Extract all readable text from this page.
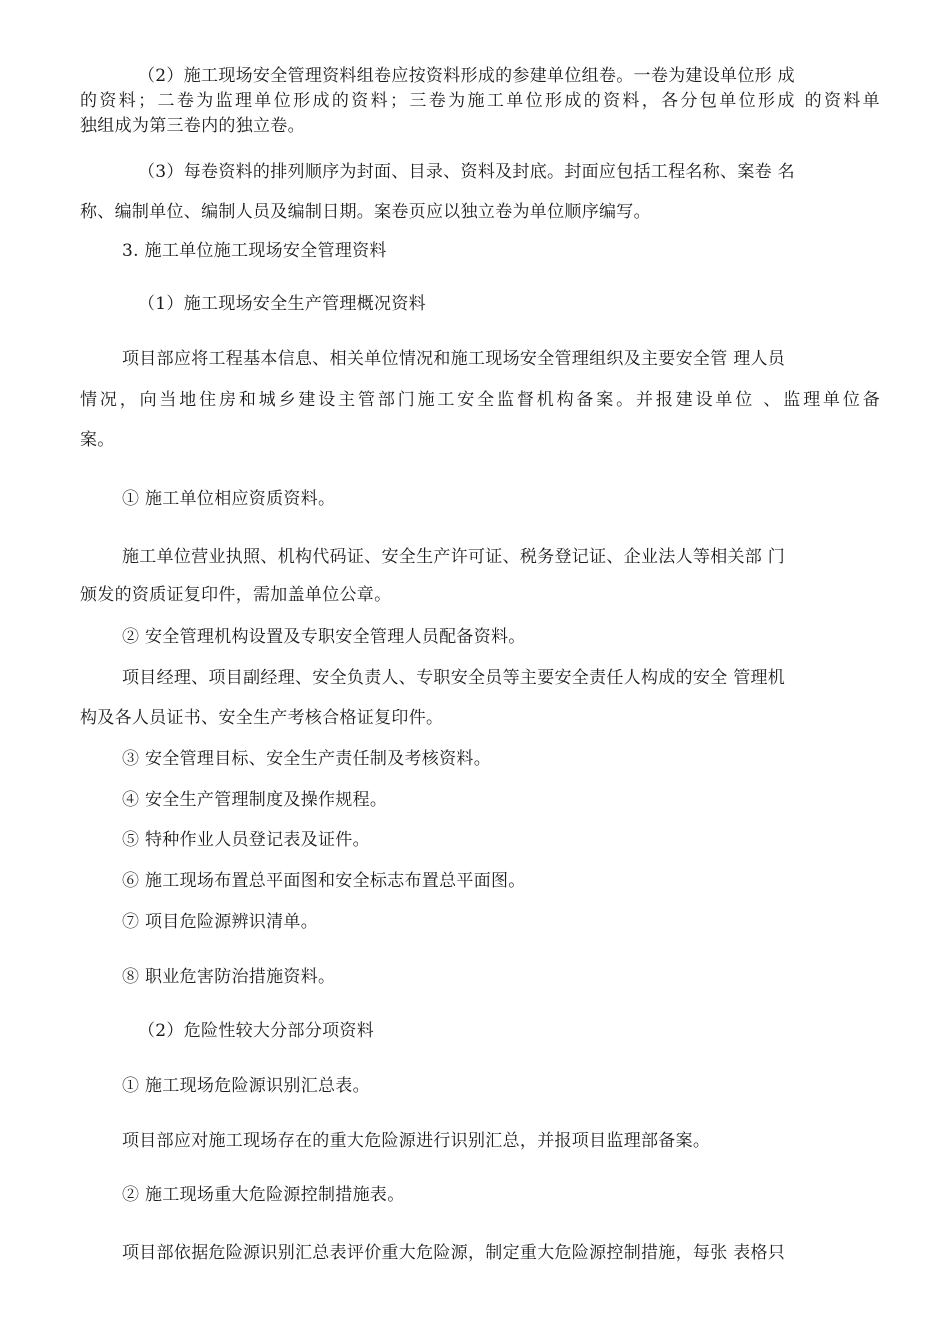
（2）施工现场安全管理资料组卷应按资料形成的参建单位组卷。一卷为建设单位形 成
的资料；二卷为监理单位形成的资料；三卷为施工单位形成的资料，各分包单位形成 的资料单
独组成为第三卷内的独立卷。
（3）每卷资料的排列顺序为封面、目录、资料及封底。封面应包括工程名称、案卷 名
称、编制单位、编制人员及编制日期。案卷页应以独立卷为单位顺序编写。
3. 施工单位施工现场安全管理资料
（1）施工现场安全生产管理概况资料
项目部应将工程基本信息、相关单位情况和施工现场安全管理组织及主要安全管 理人员
情况，向当地住房和城乡建设主管部门施工安全监督机构备案。并报建设单位 、监理单位备
案。
① 施工单位相应资质资料。
施工单位营业执照、机构代码证、安全生产许可证、税务登记证、企业法人等相关部 门
颁发的资质证复印件，需加盖单位公章。
② 安全管理机构设置及专职安全管理人员配备资料。
项目经理、项目副经理、安全负责人、专职安全员等主要安全责任人构成的安全 管理机
构及各人员证书、安全生产考核合格证复印件。
③ 安全管理目标、安全生产责任制及考核资料。
④ 安全生产管理制度及操作规程。
⑤ 特种作业人员登记表及证件。
⑥ 施工现场布置总平面图和安全标志布置总平面图。
⑦ 项目危险源辨识清单。
⑧ 职业危害防治措施资料。
（2）危险性较大分部分项资料
① 施工现场危险源识别汇总表。
项目部应对施工现场存在的重大危险源进行识别汇总，并报项目监理部备案。
② 施工现场重大危险源控制措施表。
项目部依据危险源识别汇总表评价重大危险源，制定重大危险源控制措施，每张 表格只
